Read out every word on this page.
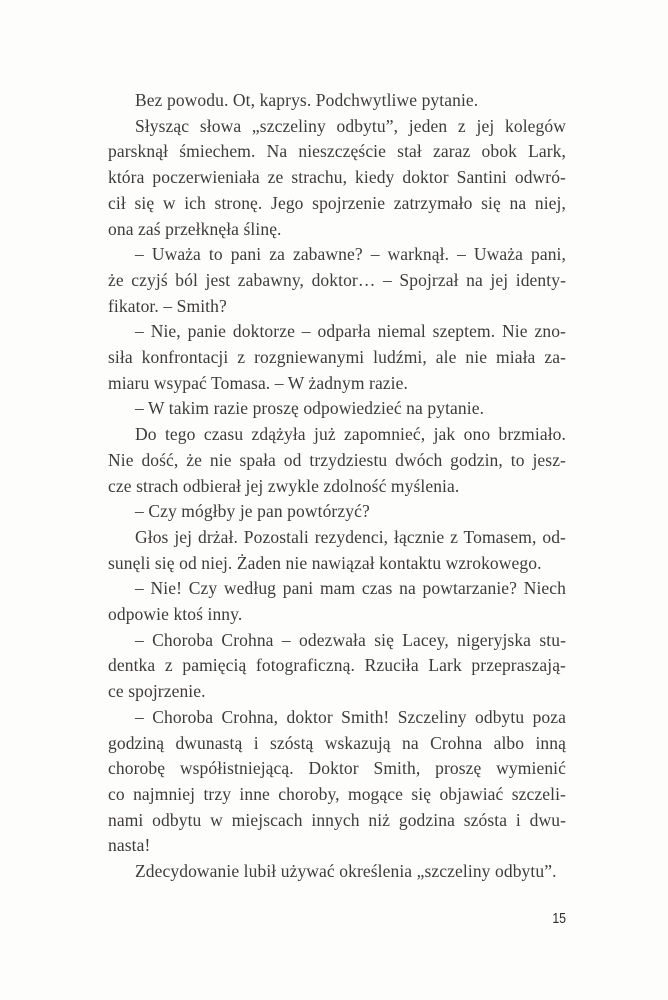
Bez powodu. Ot, kaprys. Podchwytliwe pytanie.
Słysząc słowa „szczeliny odbytu”, jeden z jej kolegów
parsknął śmiechem. Na nieszczęście stał zaraz obok Lark,
która poczerwieniała ze strachu, kiedy doktor Santini odwró-
cił się w ich stronę. Jego spojrzenie zatrzymało się na niej,
ona zaś przełknęła ślinę.
– Uważa to pani za zabawne? – warknął. – Uważa pani,
że czyjś ból jest zabawny, doktor… – Spojrzał na jej identy-
fikator. – Smith?
– Nie, panie doktorze – odparła niemal szeptem. Nie zno-
siła konfrontacji z rozgniewanymi ludźmi, ale nie miała za-
miaru wsypać Tomasa. – W żadnym razie.
– W takim razie proszę odpowiedzieć na pytanie.
Do tego czasu zdążyła już zapomnieć, jak ono brzmiało.
Nie dość, że nie spała od trzydziestu dwóch godzin, to jesz-
cze strach odbierał jej zwykle zdolność myślenia.
– Czy mógłby je pan powtórzyć?
Głos jej drżał. Pozostali rezydenci, łącznie z Tomasem, od-
sunęli się od niej. Żaden nie nawiązał kontaktu wzrokowego.
– Nie! Czy według pani mam czas na powtarzanie? Niech
odpowie ktoś inny.
– Choroba Crohna – odezwała się Lacey, nigeryjska stu-
dentka z pamięcią fotograficzną. Rzuciła Lark przepraszają-
ce spojrzenie.
– Choroba Crohna, doktor Smith! Szczeliny odbytu poza
godziną dwunastą i szóstą wskazują na Crohna albo inną
chorobę współistniejącą. Doktor Smith, proszę wymienić
co najmniej trzy inne choroby, mogące się objawiać szczeli-
nami odbytu w miejscach innych niż godzina szósta i dwu-
nasta!
Zdecydowanie lubił używać określenia „szczeliny odbytu”.
15
